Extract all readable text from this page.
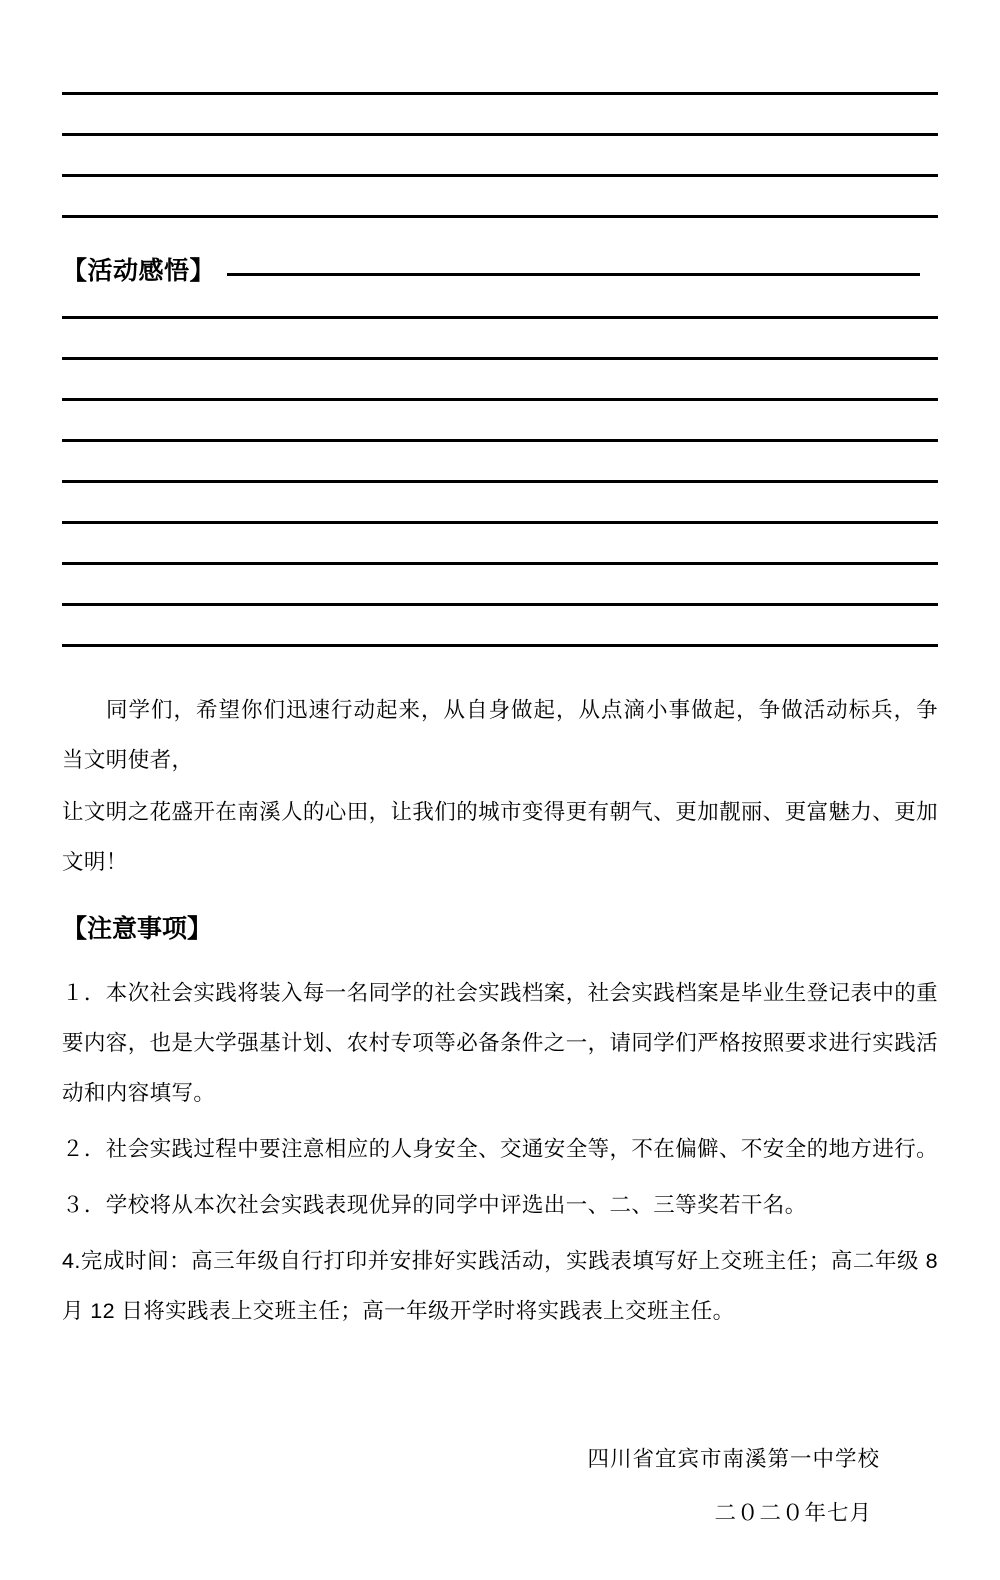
【活动感悟】

同学们，希望你们迅速行动起来，从自身做起，从点滴小事做起，争做活动标兵，争当文明使者，

让文明之花盛开在南溪人的心田，让我们的城市变得更有朝气、更加靓丽、更富魅力、更加文明！

【注意事项】

１．本次社会实践将装入每一名同学的社会实践档案，社会实践档案是毕业生登记表中的重要内容，也是大学强基计划、农村专项等必备条件之一，请同学们严格按照要求进行实践活动和内容填写。

２．社会实践过程中要注意相应的人身安全、交通安全等，不在偏僻、不安全的地方进行。

３．学校将从本次社会实践表现优异的同学中评选出一、二、三等奖若干名。

4.完成时间：高三年级自行打印并安排好实践活动，实践表填写好上交班主任；高二年级 8 月 12 日将实践表上交班主任；高一年级开学时将实践表上交班主任。

四川省宜宾市南溪第一中学校
二０二０年七月
